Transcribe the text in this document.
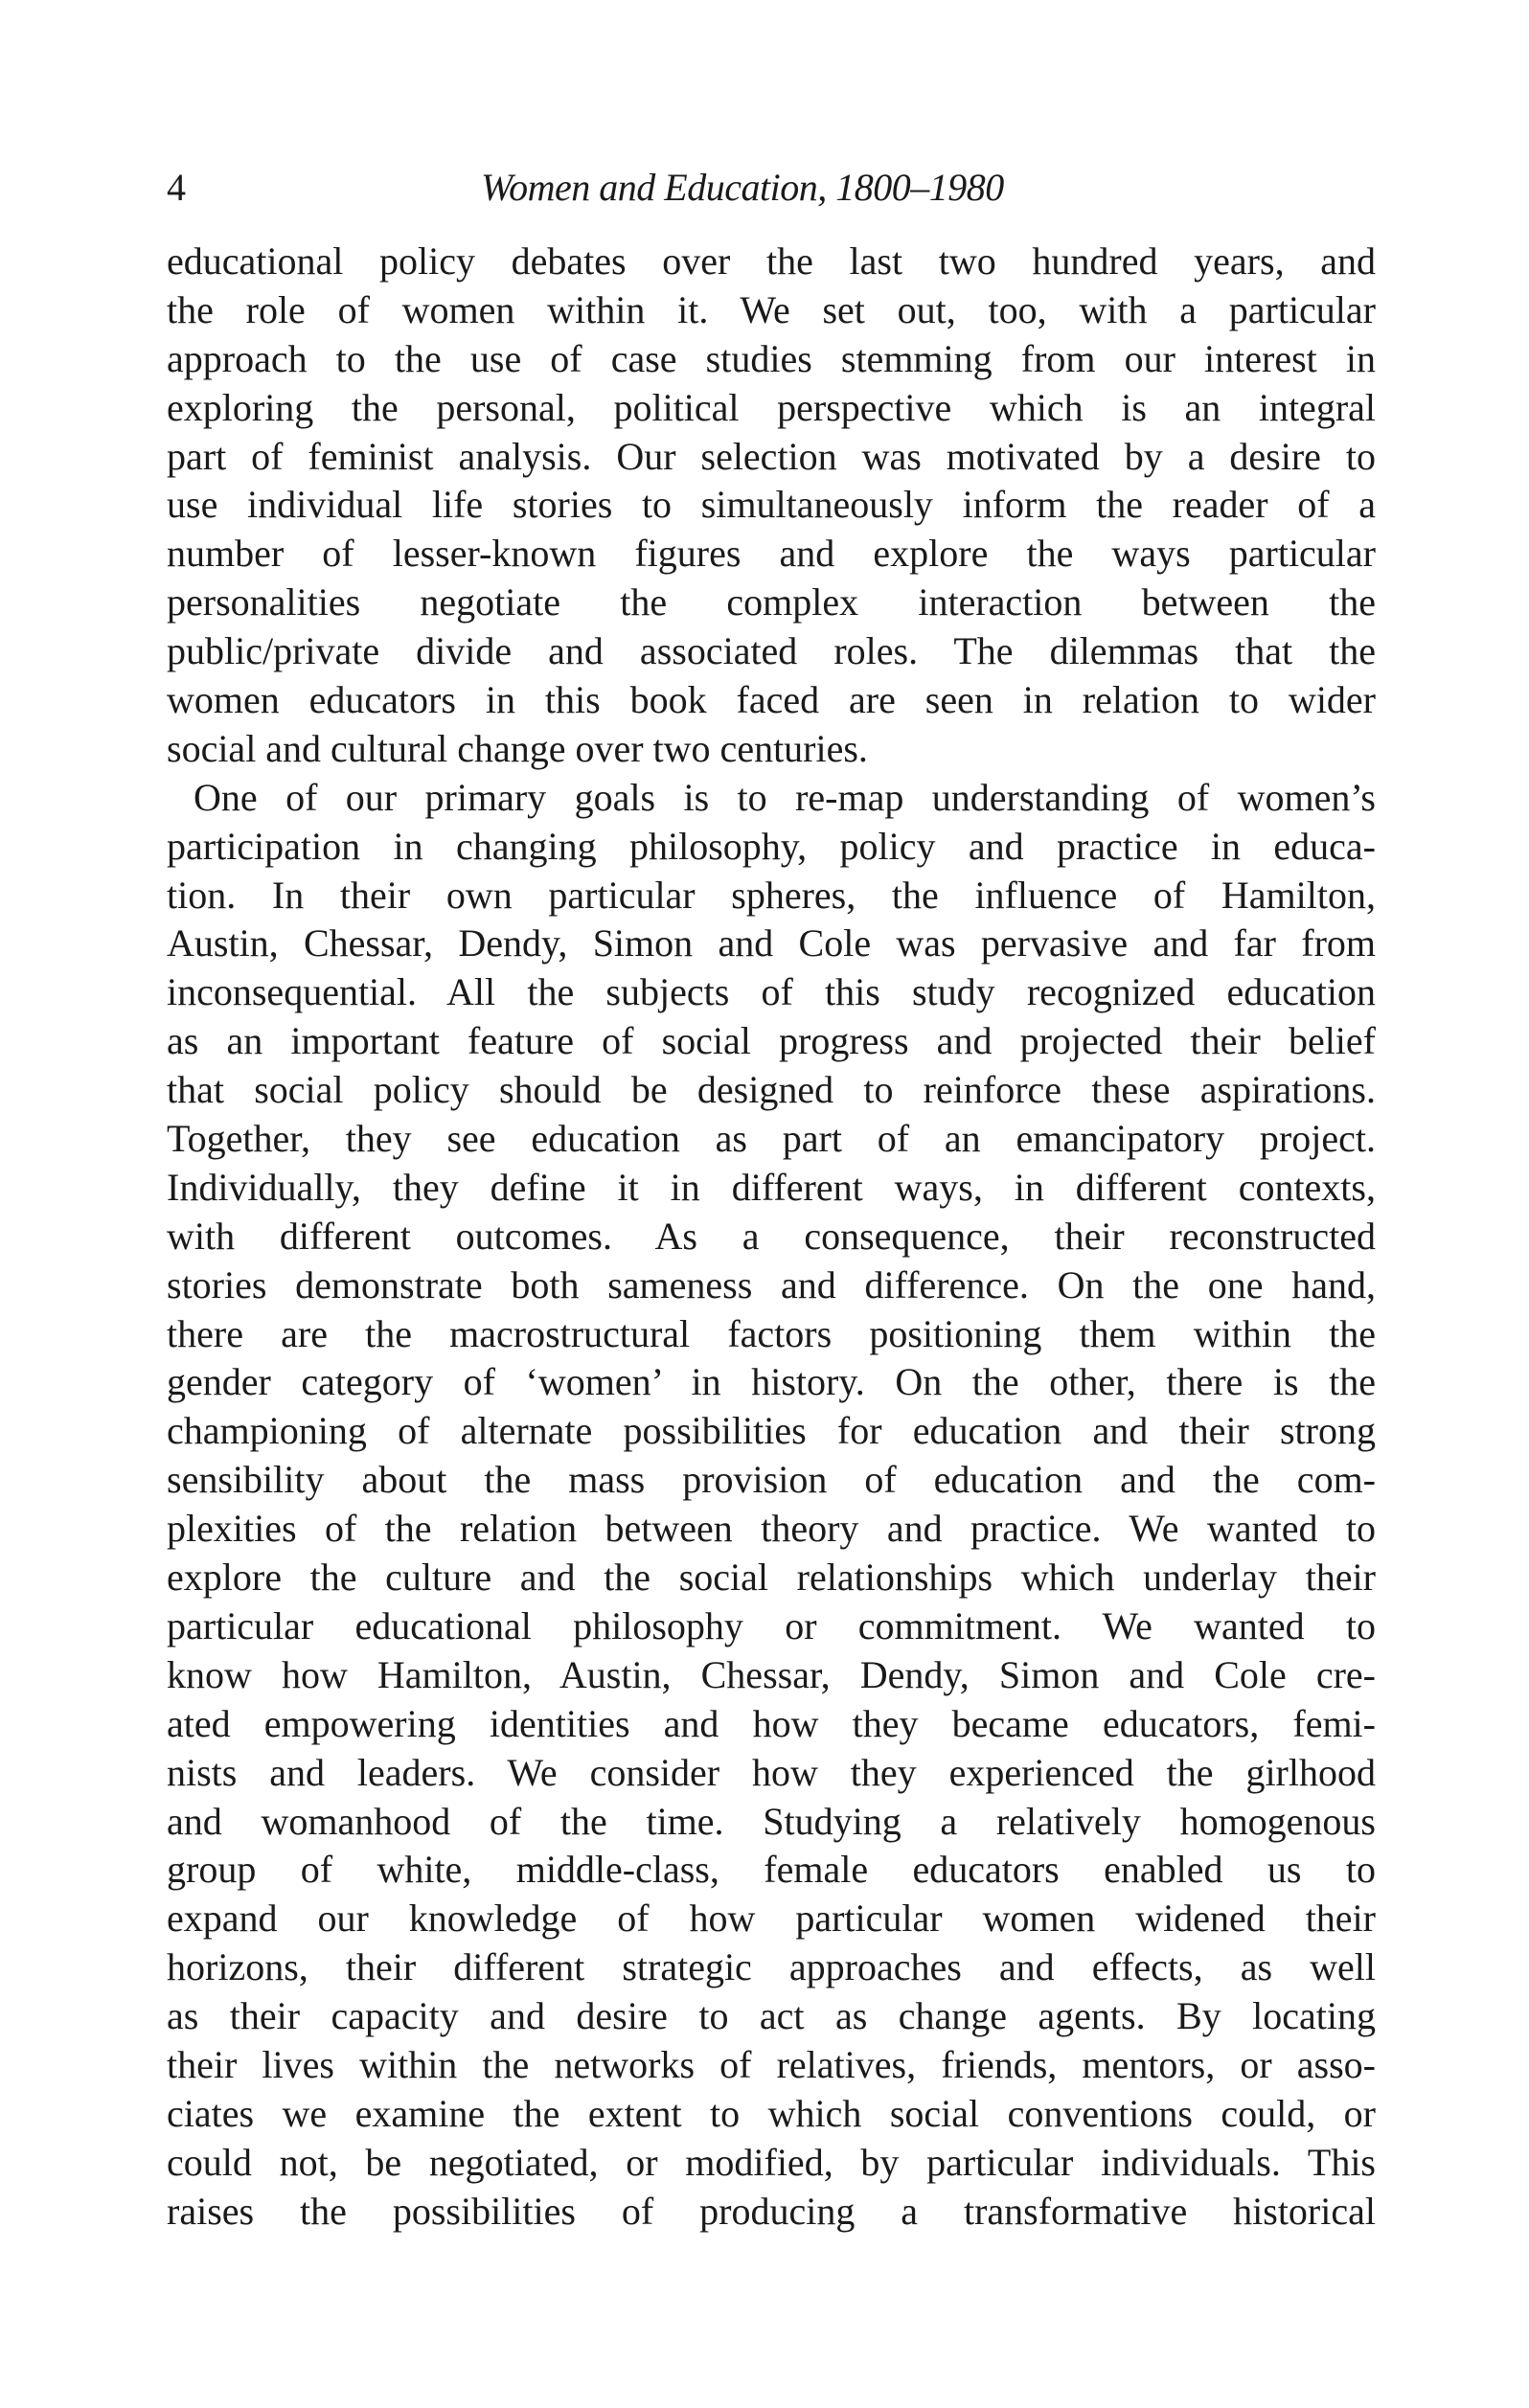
4	Women and Education, 1800–1980
educational policy debates over the last two hundred years, and
the role of women within it. We set out, too, with a particular
approach to the use of case studies stemming from our interest in
exploring the personal, political perspective which is an integral
part of feminist analysis. Our selection was motivated by a desire to
use individual life stories to simultaneously inform the reader of a
number of lesser-known figures and explore the ways particular
personalities negotiate the complex interaction between the
public/private divide and associated roles. The dilemmas that the
women educators in this book faced are seen in relation to wider
social and cultural change over two centuries.
One of our primary goals is to re-map understanding of women’s
participation in changing philosophy, policy and practice in educa-
tion. In their own particular spheres, the influence of Hamilton,
Austin, Chessar, Dendy, Simon and Cole was pervasive and far from
inconsequential. All the subjects of this study recognized education
as an important feature of social progress and projected their belief
that social policy should be designed to reinforce these aspirations.
Together, they see education as part of an emancipatory project.
Individually, they define it in different ways, in different contexts,
with different outcomes. As a consequence, their reconstructed
stories demonstrate both sameness and difference. On the one hand,
there are the macrostructural factors positioning them within the
gender category of ‘women’ in history. On the other, there is the
championing of alternate possibilities for education and their strong
sensibility about the mass provision of education and the com-
plexities of the relation between theory and practice. We wanted to
explore the culture and the social relationships which underlay their
particular educational philosophy or commitment. We wanted to
know how Hamilton, Austin, Chessar, Dendy, Simon and Cole cre-
ated empowering identities and how they became educators, femi-
nists and leaders. We consider how they experienced the girlhood
and womanhood of the time. Studying a relatively homogenous
group of white, middle-class, female educators enabled us to
expand our knowledge of how particular women widened their
horizons, their different strategic approaches and effects, as well
as their capacity and desire to act as change agents. By locating
their lives within the networks of relatives, friends, mentors, or asso-
ciates we examine the extent to which social conventions could, or
could not, be negotiated, or modified, by particular individuals. This
raises the possibilities of producing a transformative historical
